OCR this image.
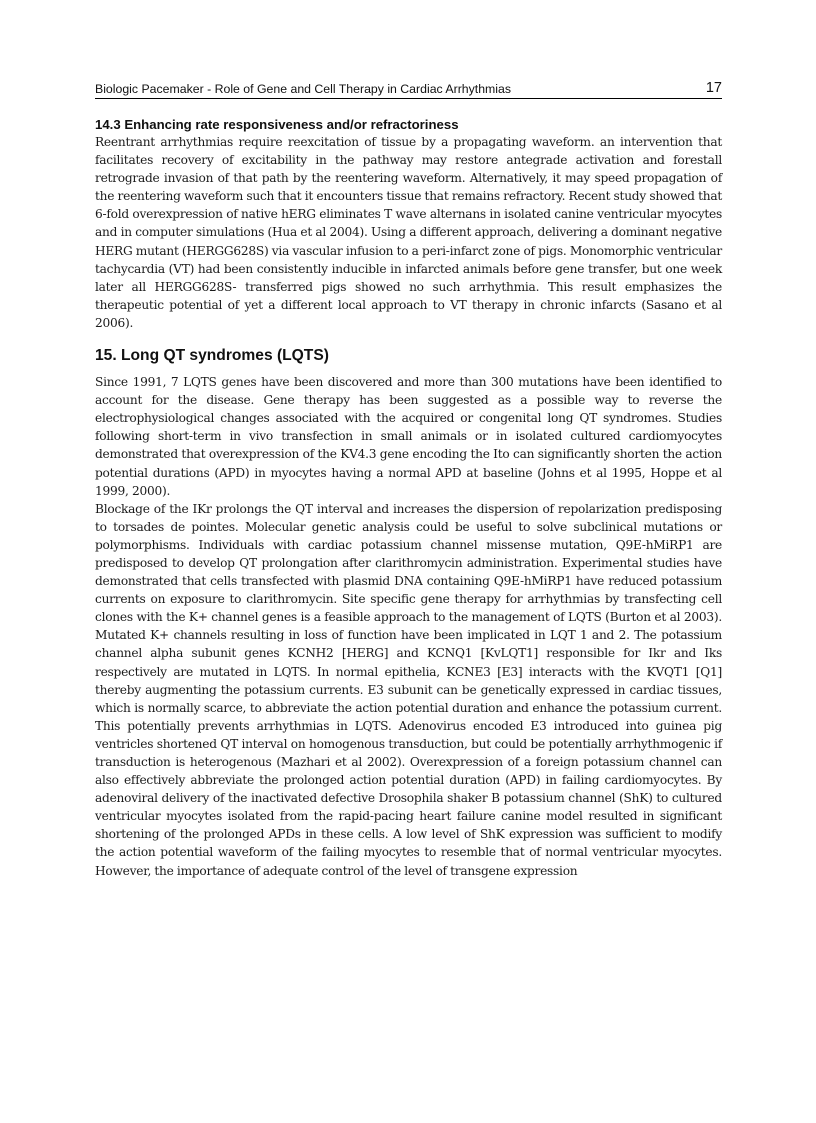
Biologic Pacemaker - Role of Gene and Cell Therapy in Cardiac Arrhythmias	17
14.3 Enhancing rate responsiveness and/or refractoriness

Reentrant arrhythmias require reexcitation of tissue by a propagating waveform. an intervention that facilitates recovery of excitability in the pathway may restore antegrade activation and forestall retrograde invasion of that path by the reentering waveform. Alternatively, it may speed propagation of the reentering waveform such that it encounters tissue that remains refractory. Recent study showed that 6-fold overexpression of native hERG eliminates T wave alternans in isolated canine ventricular myocytes and in computer simulations (Hua et al 2004). Using a different approach, delivering a dominant negative HERG mutant (HERGG628S) via vascular infusion to a peri-infarct zone of pigs. Monomorphic ventricular tachycardia (VT) had been consistently inducible in infarcted animals before gene transfer, but one week later all HERGG628S- transferred pigs showed no such arrhythmia. This result emphasizes the therapeutic potential of yet a different local approach to VT therapy in chronic infarcts (Sasano et al 2006).

15. Long QT syndromes (LQTS)

Since 1991, 7 LQTS genes have been discovered and more than 300 mutations have been identified to account for the disease. Gene therapy has been suggested as a possible way to reverse the electrophysiological changes associated with the acquired or congenital long QT syndromes. Studies following short-term in vivo transfection in small animals or in isolated cultured cardiomyocytes demonstrated that overexpression of the KV4.3 gene encoding the Ito can significantly shorten the action potential durations (APD) in myocytes having a normal APD at baseline (Johns et al 1995, Hoppe et al 1999, 2000).

Blockage of the IKr prolongs the QT interval and increases the dispersion of repolarization predisposing to torsades de pointes. Molecular genetic analysis could be useful to solve subclinical mutations or polymorphisms. Individuals with cardiac potassium channel missense mutation, Q9E-hMiRP1 are predisposed to develop QT prolongation after clarithromycin administration. Experimental studies have demonstrated that cells transfected with plasmid DNA containing Q9E-hMiRP1 have reduced potassium currents on exposure to clarithromycin. Site specific gene therapy for arrhythmias by transfecting cell clones with the K+ channel genes is a feasible approach to the management of LQTS (Burton et al 2003). Mutated K+ channels resulting in loss of function have been implicated in LQT 1 and 2. The potassium channel alpha subunit genes KCNH2 [HERG] and KCNQ1 [KvLQT1] responsible for Ikr and Iks respectively are mutated in LQTS. In normal epithelia, KCNE3 [E3] interacts with the KVQT1 [Q1] thereby augmenting the potassium currents. E3 subunit can be genetically expressed in cardiac tissues, which is normally scarce, to abbreviate the action potential duration and enhance the potassium current. This potentially prevents arrhythmias in LQTS. Adenovirus encoded E3 introduced into guinea pig ventricles shortened QT interval on homogenous transduction, but could be potentially arrhythmogenic if transduction is heterogenous (Mazhari et al 2002). Overexpression of a foreign potassium channel can also effectively abbreviate the prolonged action potential duration (APD) in failing cardiomyocytes. By adenoviral delivery of the inactivated defective Drosophila shaker B potassium channel (ShK) to cultured ventricular myocytes isolated from the rapid-pacing heart failure canine model resulted in significant shortening of the prolonged APDs in these cells. A low level of ShK expression was sufficient to modify the action potential waveform of the failing myocytes to resemble that of normal ventricular myocytes. However, the importance of adequate control of the level of transgene expression
